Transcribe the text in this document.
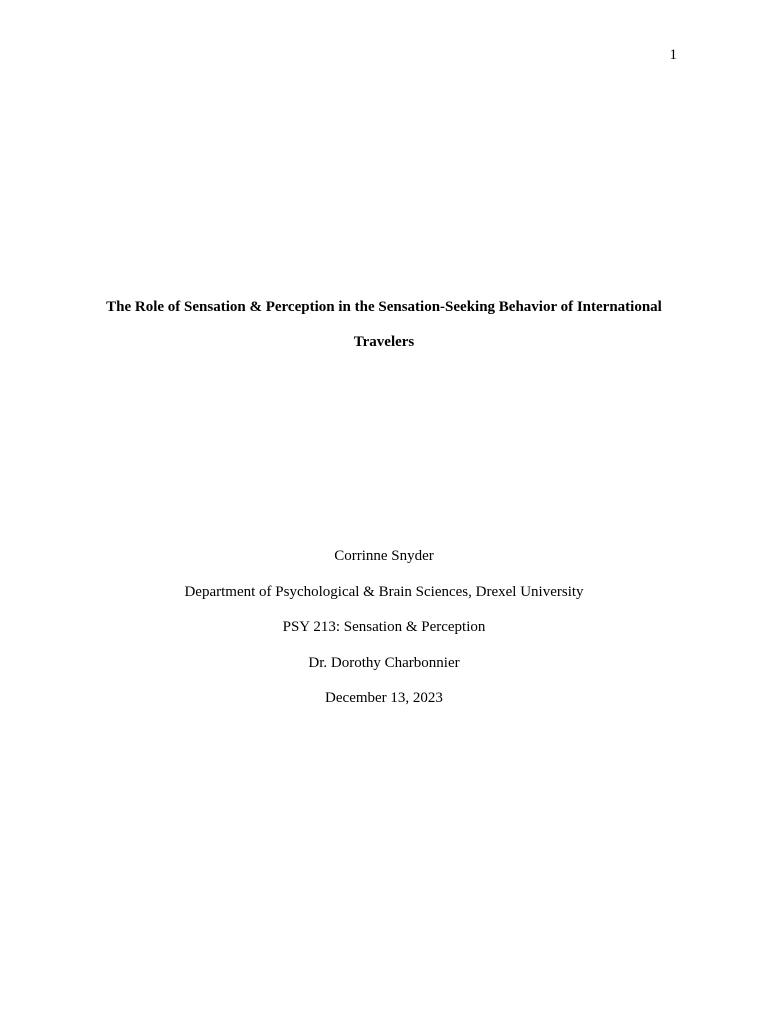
1
The Role of Sensation & Perception in the Sensation-Seeking Behavior of International
Travelers
Corrinne Snyder
Department of Psychological & Brain Sciences, Drexel University
PSY 213: Sensation & Perception
Dr. Dorothy Charbonnier
December 13, 2023
